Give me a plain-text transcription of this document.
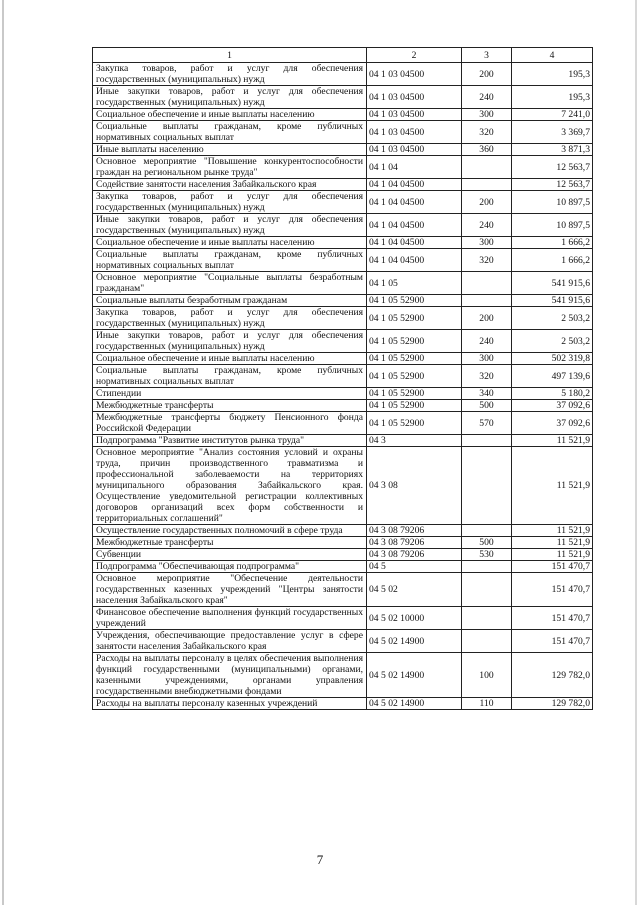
1	2	3	4
Закупка товаров, работ и услуг для обеспечения государственных (муниципальных) нужд	04 1 03 04500	200	195,3
Иные закупки товаров, работ и услуг для обеспечения государственных (муниципальных) нужд	04 1 03 04500	240	195,3
Социальное обеспечение и иные выплаты населению	04 1 03 04500	300	7 241,0
Социальные выплаты гражданам, кроме публичных нормативных социальных выплат	04 1 03 04500	320	3 369,7
Иные выплаты населению	04 1 03 04500	360	3 871,3
Основное мероприятие "Повышение конкурентоспособности граждан на региональном рынке труда"	04 1 04		12 563,7
Содействие занятости населения Забайкальского края	04 1 04 04500		12 563,7
Закупка товаров, работ и услуг для обеспечения государственных (муниципальных) нужд	04 1 04 04500	200	10 897,5
Иные закупки товаров, работ и услуг для обеспечения государственных (муниципальных) нужд	04 1 04 04500	240	10 897,5
Социальное обеспечение и иные выплаты населению	04 1 04 04500	300	1 666,2
Социальные выплаты гражданам, кроме публичных нормативных социальных выплат	04 1 04 04500	320	1 666,2
Основное мероприятие "Социальные выплаты безработным гражданам"	04 1 05		541 915,6
Социальные выплаты безработным гражданам	04 1 05 52900		541 915,6
Закупка товаров, работ и услуг для обеспечения государственных (муниципальных) нужд	04 1 05 52900	200	2 503,2
Иные закупки товаров, работ и услуг для обеспечения государственных (муниципальных) нужд	04 1 05 52900	240	2 503,2
Социальное обеспечение и иные выплаты населению	04 1 05 52900	300	502 319,8
Социальные выплаты гражданам, кроме публичных нормативных социальных выплат	04 1 05 52900	320	497 139,6
Стипендии	04 1 05 52900	340	5 180,2
Межбюджетные трансферты	04 1 05 52900	500	37 092,6
Межбюджетные трансферты бюджету Пенсионного фонда Российской Федерации	04 1 05 52900	570	37 092,6
Подпрограмма "Развитие институтов рынка труда"	04 3		11 521,9
Основное мероприятие "Анализ состояния условий и охраны труда, причин производственного травматизма и профессиональной заболеваемости на территориях муниципального образования Забайкальского края. Осуществление уведомительной регистрации коллективных договоров организаций всех форм собственности и территориальных соглашений"	04 3 08		11 521,9
Осуществление государственных полномочий в сфере труда	04 3 08 79206		11 521,9
Межбюджетные трансферты	04 3 08 79206	500	11 521,9
Субвенции	04 3 08 79206	530	11 521,9
Подпрограмма "Обеспечивающая подпрограмма"	04 5		151 470,7
Основное мероприятие "Обеспечение деятельности государственных казенных учреждений "Центры занятости населения Забайкальского края"	04 5 02		151 470,7
Финансовое обеспечение выполнения функций государственных учреждений	04 5 02 10000		151 470,7
Учреждения, обеспечивающие предоставление услуг в сфере занятости населения Забайкальского края	04 5 02 14900		151 470,7
Расходы на выплаты персоналу в целях обеспечения выполнения функций государственными (муниципальными) органами, казенными учреждениями, органами управления государственными внебюджетными фондами	04 5 02 14900	100	129 782,0
Расходы на выплаты персоналу казенных учреждений	04 5 02 14900	110	129 782,0
7
